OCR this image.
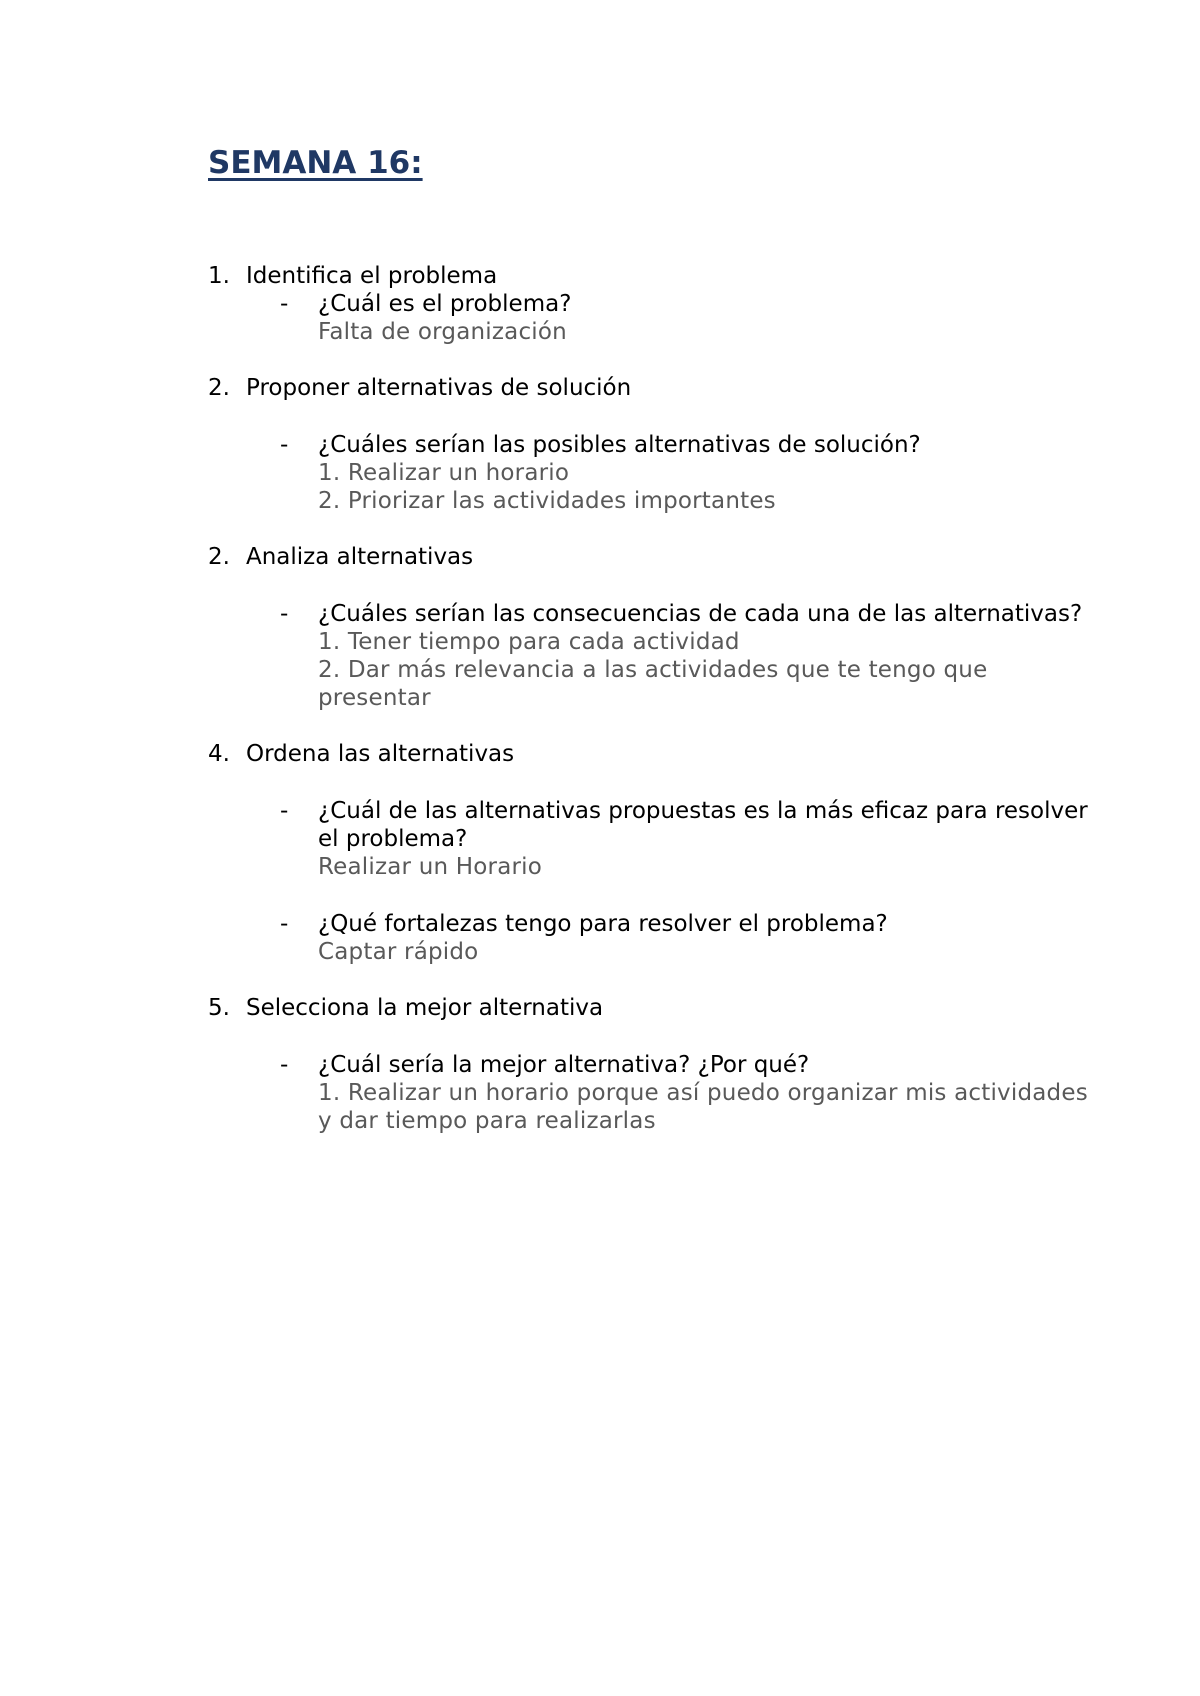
SEMANA 16:
1. Identifica el problema
-	¿Cuál es el problema?
Falta de organización
2. Proponer alternativas de solución
-	¿Cuáles serían las posibles alternativas de solución?
1. Realizar un horario
2. Priorizar las actividades importantes
2. Analiza alternativas
-	¿Cuáles serían las consecuencias de cada una de las alternativas?
1. Tener tiempo para cada actividad
2. Dar más relevancia a las actividades que te tengo que presentar
4. Ordena las alternativas
-	¿Cuál de las alternativas propuestas es la más eficaz para resolver el problema?
Realizar un Horario
-	¿Qué fortalezas tengo para resolver el problema?
Captar rápido
5. Selecciona la mejor alternativa
-	¿Cuál sería la mejor alternativa? ¿Por qué?
1. Realizar un horario porque así puedo organizar mis actividades y dar tiempo para realizarlas
